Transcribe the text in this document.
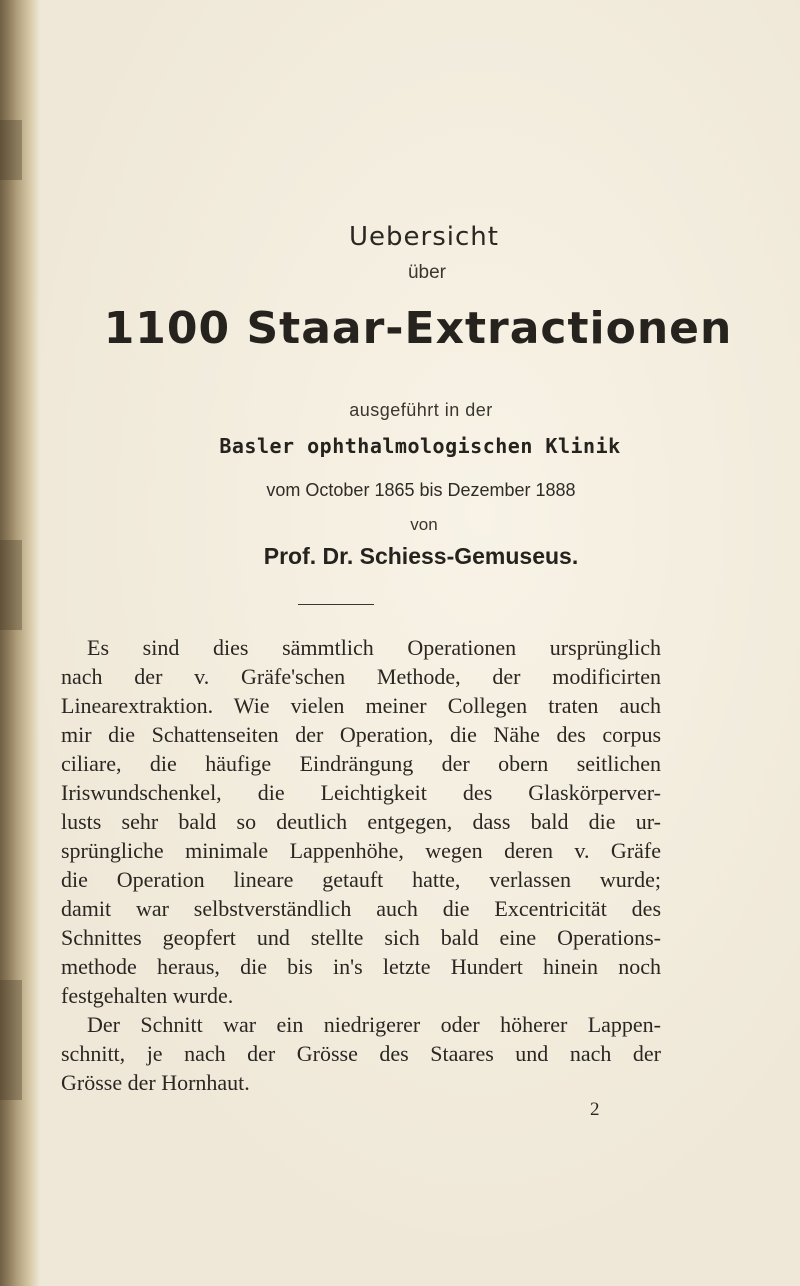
Uebersicht
über
1100 Staar-Extractionen
ausgeführt in der
Basler ophthalmologischen Klinik
vom October 1865 bis Dezember 1888
von
Prof. Dr. Schiess-Gemuseus.
Es sind dies sämmtlich Operationen ursprünglich
nach der v. Gräfe'schen Methode, der modificirten
Linearextraktion. Wie vielen meiner Collegen traten auch
mir die Schattenseiten der Operation, die Nähe des corpus
ciliare, die häufige Eindrängung der obern seitlichen
Iriswundschenkel, die Leichtigkeit des Glaskörperver-
lusts sehr bald so deutlich entgegen, dass bald die ur-
sprüngliche minimale Lappenhöhe, wegen deren v. Gräfe
die Operation lineare getauft hatte, verlassen wurde;
damit war selbstverständlich auch die Excentricität des
Schnittes geopfert und stellte sich bald eine Operations-
methode heraus, die bis in's letzte Hundert hinein noch
festgehalten wurde.
Der Schnitt war ein niedrigerer oder höherer Lappen-
schnitt, je nach der Grösse des Staares und nach der
Grösse der Hornhaut.
2
